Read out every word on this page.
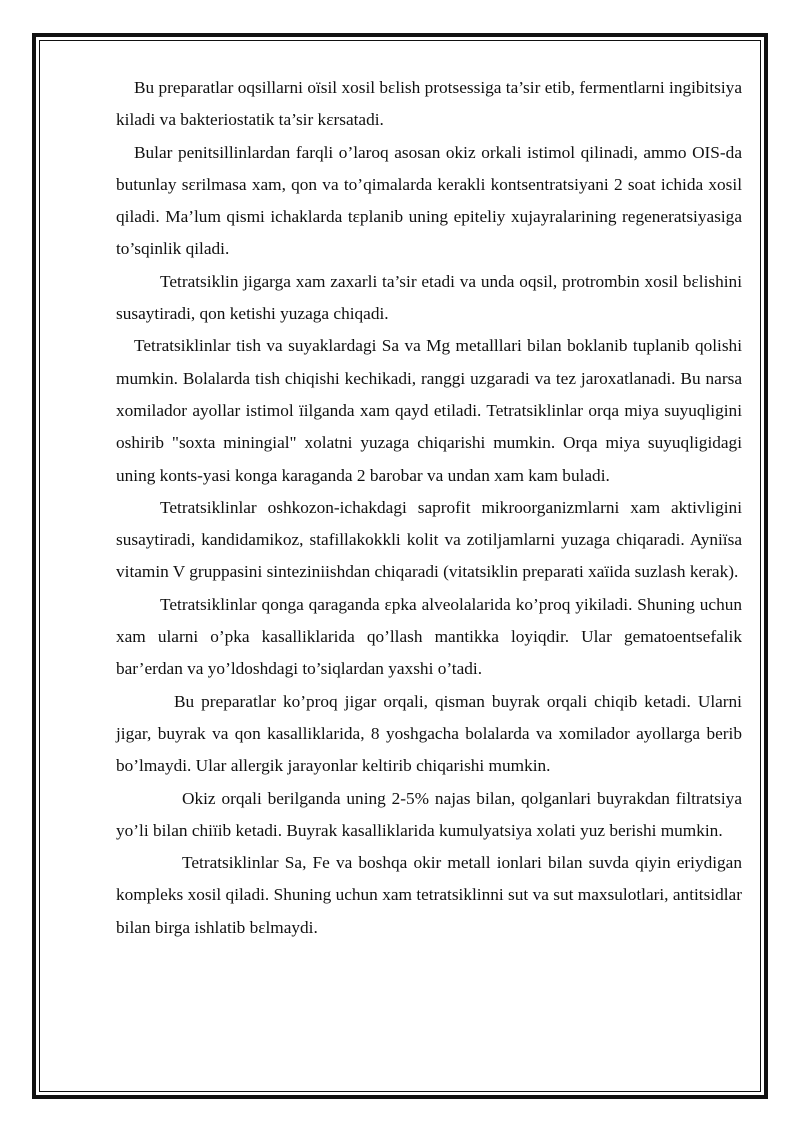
Bu preparatlar oqsillarni oïsil xosil bɛlish protsessiga ta’sir etib, fermentlarni ingibitsiya kiladi va bakteriostatik ta’sir kɛrsatadi.

Bular penitsillinlardan farqli o’laroq asosan okiz orkali istimol qilinadi, ammo OIS-da butunlay sɛrilmasa xam, qon va to’qimalarda kerakli kontsentratsiyani 2 soat ichida xosil qiladi. Ma’lum qismi ichaklarda tɛplanib uning epiteliy xujayralarining regeneratsiyasiga to’sqinlik qiladi.

Tetratsiklin jigarga xam zaxarli ta’sir etadi va unda oqsil, protrombin xosil bɛlishini susaytiradi, qon ketishi yuzaga chiqadi.

Tetratsiklinlar tish va suyaklardagi Sa va Mg metalllari bilan boklanib tuplanib qolishi mumkin. Bolalarda tish chiqishi kechikadi, ranggi uzgaradi va tez jaroxatlanadi. Bu narsa xomilador ayollar istimol ïilganda xam qayd etiladi. Tetratsiklinlar orqa miya suyuqligini oshirib "soxta miningial" xolatni yuzaga chiqarishi mumkin. Orqa miya suyuqligidagi uning konts-yasi konga karaganda 2 barobar va undan xam kam buladi.

Tetratsiklinlar oshkozon-ichakdagi saprofit mikroorganizmlarni xam aktivligini susaytiradi, kandidamikoz, stafillakokkli kolit va zotiljamlarni yuzaga chiqaradi. Ayniïsa vitamin V gruppasini sinteziniishdan chiqaradi (vitatsiklin preparati xaïida suzlash kerak).

Tetratsiklinlar qonga qaraganda ɛpka alveolalarida ko’proq yikiladi. Shuning uchun xam ularni o’pka kasalliklarida qo’llash mantikka loyiqdir. Ular gematoentsefalik bar’erdan va yo’ldoshdagi to’siqlardan yaxshi o’tadi.

Bu preparatlar ko’proq jigar orqali, qisman buyrak orqali chiqib ketadi. Ularni jigar, buyrak va qon kasalliklarida, 8 yoshgacha bolalarda va xomilador ayollarga berib bo’lmaydi. Ular allergik jarayonlar keltirib chiqarishi mumkin.

Okiz orqali berilganda uning 2-5% najas bilan, qolganlari buyrakdan filtratsiya yo’li bilan chiïib ketadi. Buyrak kasalliklarida kumulyatsiya xolati yuz berishi mumkin.

Tetratsiklinlar Sa, Fe va boshqa okir metall ionlari bilan suvda qiyin eriydigan kompleks xosil qiladi. Shuning uchun xam tetratsiklinni sut va sut maxsulotlari, antitsidlar bilan birga ishlatib bɛlmaydi.
